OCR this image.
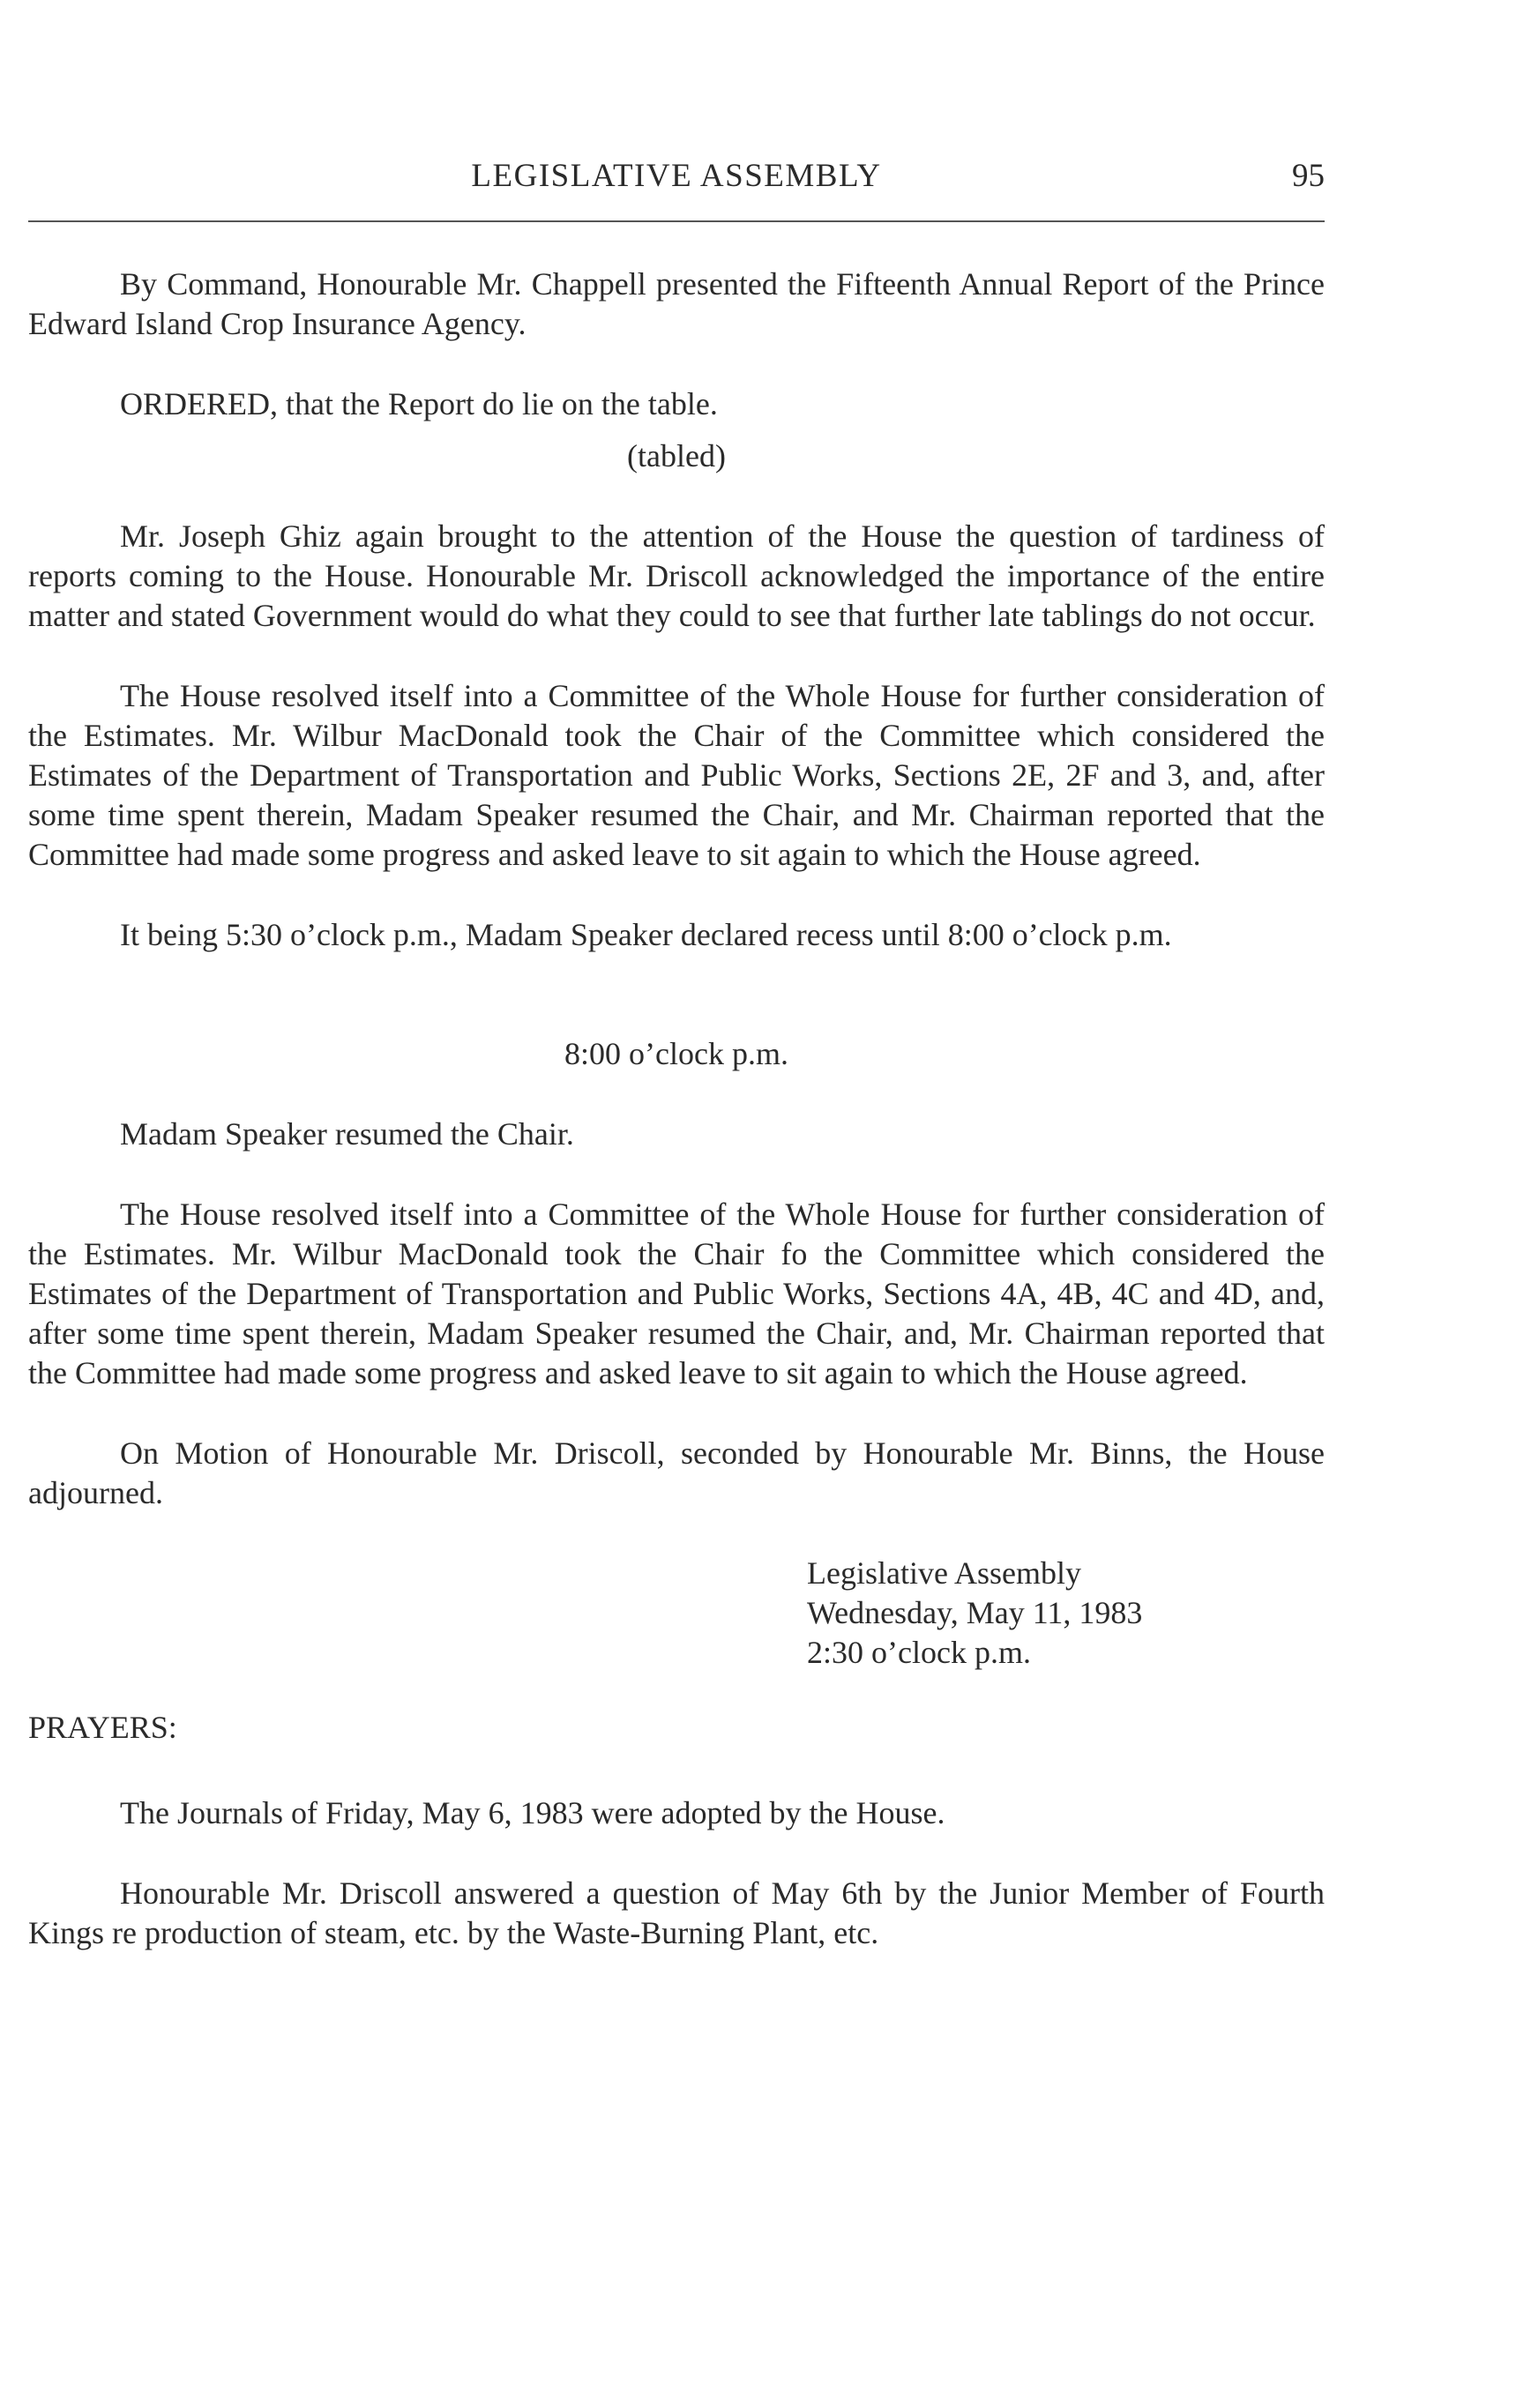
LEGISLATIVE ASSEMBLY	95

By Command, Honourable Mr. Chappell presented the Fifteenth Annual Report of the Prince Edward Island Crop Insurance Agency.

ORDERED, that the Report do lie on the table.

(tabled)

Mr. Joseph Ghiz again brought to the attention of the House the question of tardiness of reports coming to the House. Honourable Mr. Driscoll acknowledged the importance of the entire matter and stated Government would do what they could to see that further late tablings do not occur.

The House resolved itself into a Committee of the Whole House for further consideration of the Estimates. Mr. Wilbur MacDonald took the Chair of the Committee which considered the Estimates of the Department of Transportation and Public Works, Sections 2E, 2F and 3, and, after some time spent therein, Madam Speaker resumed the Chair, and Mr. Chairman reported that the Committee had made some progress and asked leave to sit again to which the House agreed.

It being 5:30 o’clock p.m., Madam Speaker declared recess until 8:00 o’clock p.m.

8:00 o’clock p.m.

Madam Speaker resumed the Chair.

The House resolved itself into a Committee of the Whole House for further consideration of the Estimates. Mr. Wilbur MacDonald took the Chair fo the Committee which considered the Estimates of the Department of Transportation and Public Works, Sections 4A, 4B, 4C and 4D, and, after some time spent therein, Madam Speaker resumed the Chair, and, Mr. Chairman reported that the Committee had made some progress and asked leave to sit again to which the House agreed.

On Motion of Honourable Mr. Driscoll, seconded by Honourable Mr. Binns, the House adjourned.

Legislative Assembly
Wednesday, May 11, 1983
2:30 o’clock p.m.

PRAYERS:

The Journals of Friday, May 6, 1983 were adopted by the House.

Honourable Mr. Driscoll answered a question of May 6th by the Junior Member of Fourth Kings re production of steam, etc. by the Waste-Burning Plant, etc.
